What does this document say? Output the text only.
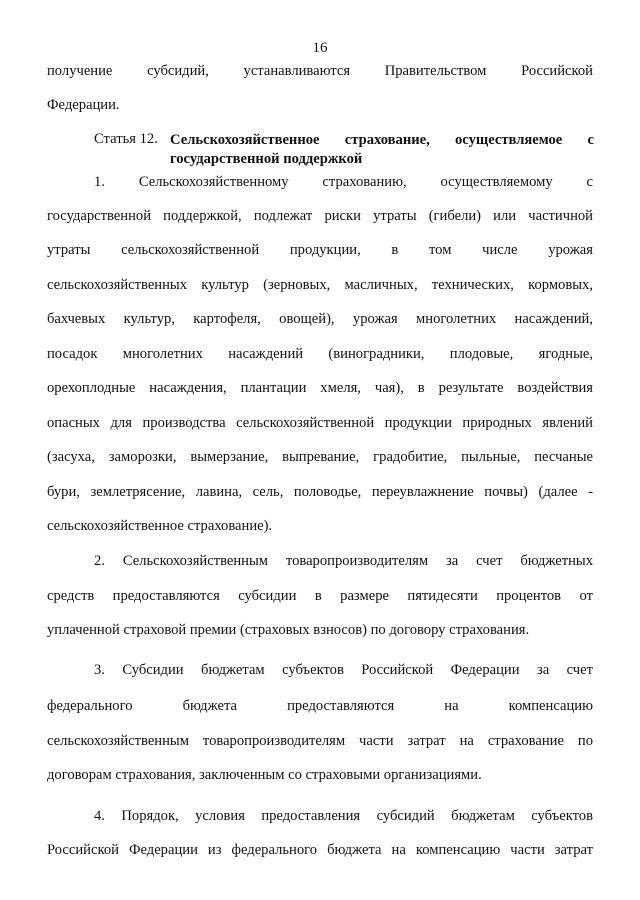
16
получение субсидий, устанавливаются Правительством Российской
Федерации.
Статья 12. Сельскохозяйственное страхование, осуществляемое с
государственной поддержкой
1. Сельскохозяйственному страхованию, осуществляемому с
государственной поддержкой, подлежат риски утраты (гибели) или частичной
утраты сельскохозяйственной продукции, в том числе урожая
сельскохозяйственных культур (зерновых, масличных, технических, кормовых,
бахчевых культур, картофеля, овощей), урожая многолетних насаждений,
посадок многолетних насаждений (виноградники, плодовые, ягодные,
орехоплодные насаждения, плантации хмеля, чая), в результате воздействия
опасных для производства сельскохозяйственной продукции природных явлений
(засуха, заморозки, вымерзание, выпревание, градобитие, пыльные, песчаные
бури, землетрясение, лавина, сель, половодье, переувлажнение почвы) (далее -
сельскохозяйственное страхование).
2. Сельскохозяйственным товаропроизводителям за счет бюджетных
средств предоставляются субсидии в размере пятидесяти процентов от
уплаченной страховой премии (страховых взносов) по договору страхования.
3. Субсидии бюджетам субъектов Российской Федерации за счет
федерального бюджета предоставляются на компенсацию
сельскохозяйственным товаропроизводителям части затрат на страхование по
договорам страхования, заключенным со страховыми организациями.
4. Порядок, условия предоставления субсидий бюджетам субъектов
Российской Федерации из федерального бюджета на компенсацию части затрат
